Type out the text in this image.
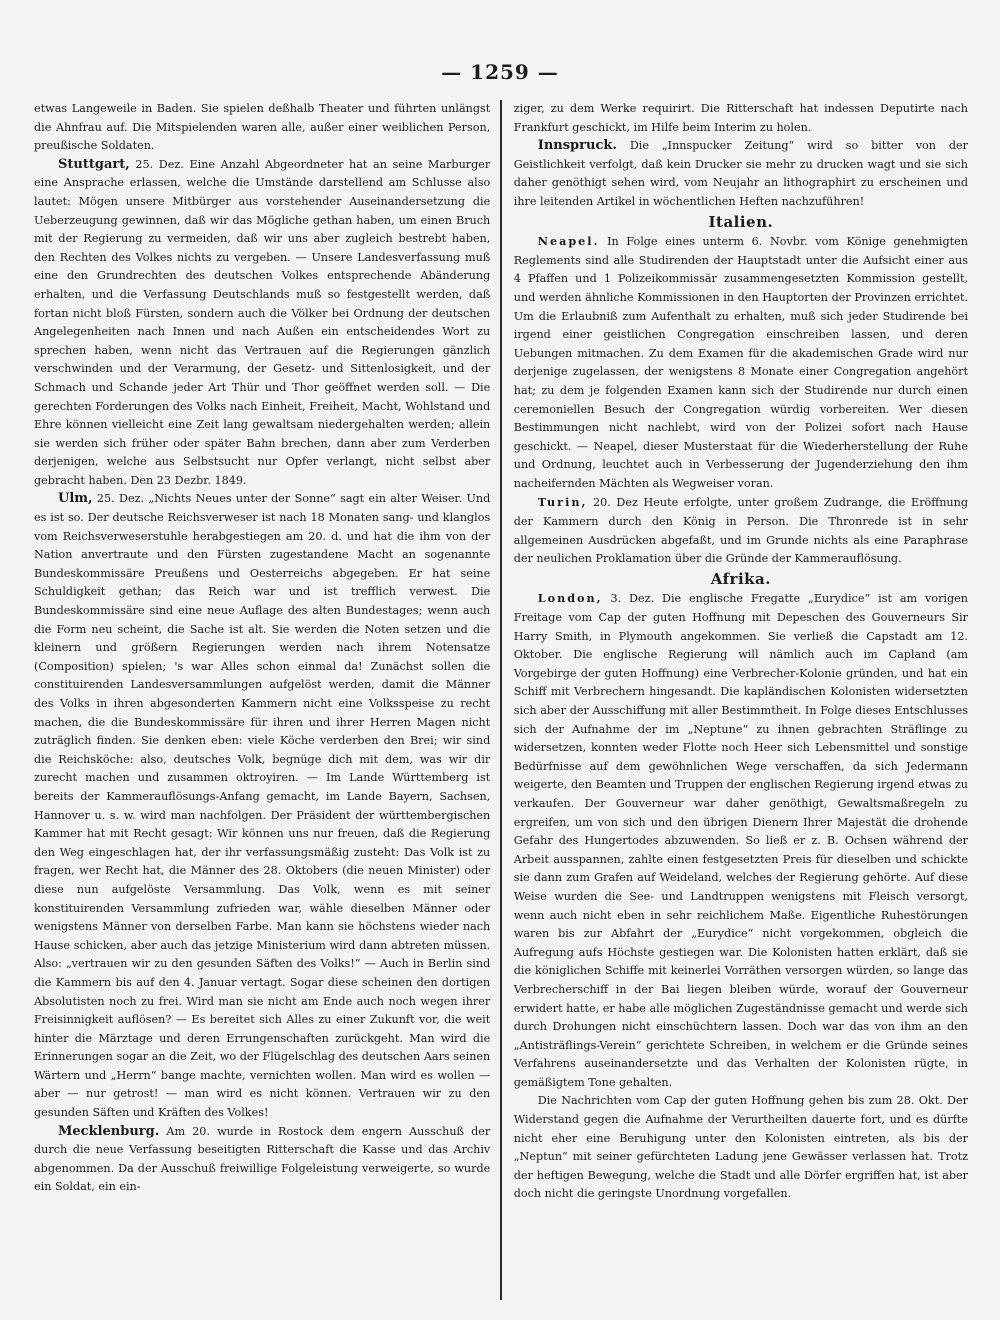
— 1259 —

etwas Langeweile in Baden. Sie spielen deßhalb Theater und führten unlängst die Ahnfrau auf. Die Mitspielenden waren alle, außer einer weiblichen Person, preußische Soldaten.

Stuttgart, 25. Dez. Eine Anzahl Abgeordneter hat an seine Marburger eine Ansprache erlassen, welche die Umstände darstellend am Schlusse also lautet: Mögen unsere Mitbürger aus vorstehender Auseinandersetzung die Ueberzeugung gewinnen, daß wir das Mögliche gethan haben, um einen Bruch mit der Regierung zu vermeiden, daß wir uns aber zugleich bestrebt haben, den Rechten des Volkes nichts zu vergeben. — Unsere Landesverfassung muß eine den Grundrechten des deutschen Volkes entsprechende Abänderung erhalten, und die Verfassung Deutschlands muß so festgestellt werden, daß fortan nicht bloß Fürsten, sondern auch die Völker bei Ordnung der deutschen Angelegenheiten nach Innen und nach Außen ein entscheidendes Wort zu sprechen haben, wenn nicht das Vertrauen auf die Regierungen gänzlich verschwinden und der Verarmung, der Gesetz- und Sittenlosigkeit, und der Schmach und Schande jeder Art Thür und Thor geöffnet werden soll. — Die gerechten Forderungen des Volks nach Einheit, Freiheit, Macht, Wohlstand und Ehre können vielleicht eine Zeit lang gewaltsam niedergehalten werden; allein sie werden sich früher oder später Bahn brechen, dann aber zum Verderben derjenigen, welche aus Selbstsucht nur Opfer verlangt, nicht selbst aber gebracht haben. Den 23 Dezbr. 1849.

Ulm, 25. Dez. „Nichts Neues unter der Sonne“ sagt ein alter Weiser. Und es ist so. Der deutsche Reichsverweser ist nach 18 Monaten sang- und klanglos vom Reichsverweserstuhle herabgestiegen am 20. d. und hat die ihm von der Nation anvertraute und den Fürsten zugestandene Macht an sogenannte Bundeskommissäre Preußens und Oesterreichs abgegeben. Er hat seine Schuldigkeit gethan; das Reich war und ist trefflich verwest. Die Bundeskommissäre sind eine neue Auflage des alten Bundestages; wenn auch die Form neu scheint, die Sache ist alt. Sie werden die Noten setzen und die kleinern und größern Regierungen werden nach ihrem Notensatze (Composition) spielen; 's war Alles schon einmal da! Zunächst sollen die constituirenden Landesversammlungen aufgelöst werden, damit die Männer des Volks in ihren abgesonderten Kammern nicht eine Volksspeise zu recht machen, die die Bundeskommissäre für ihren und ihrer Herren Magen nicht zuträglich finden. Sie denken eben: viele Köche verderben den Brei; wir sind die Reichsköche: also, deutsches Volk, begnüge dich mit dem, was wir dir zurecht machen und zusammen oktroyiren. — Im Lande Württemberg ist bereits der Kammerauflösungs-Anfang gemacht, im Lande Bayern, Sachsen, Hannover u. s. w. wird man nachfolgen. Der Präsident der württembergischen Kammer hat mit Recht gesagt: Wir können uns nur freuen, daß die Regierung den Weg eingeschlagen hat, der ihr verfassungsmäßig zusteht: Das Volk ist zu fragen, wer Recht hat, die Männer des 28. Oktobers (die neuen Minister) oder diese nun aufgelöste Versammlung. Das Volk, wenn es mit seiner konstituirenden Versammlung zufrieden war, wähle dieselben Männer oder wenigstens Männer von derselben Farbe. Man kann sie höchstens wieder nach Hause schicken, aber auch das jetzige Ministerium wird dann abtreten müssen. Also: „vertrauen wir zu den gesunden Säften des Volks!“ — Auch in Berlin sind die Kammern bis auf den 4. Januar vertagt. Sogar diese scheinen den dortigen Absolutisten noch zu frei. Wird man sie nicht am Ende auch noch wegen ihrer Freisinnigkeit auflösen? — Es bereitet sich Alles zu einer Zukunft vor, die weit hinter die Märztage und deren Errungenschaften zurückgeht. Man wird die Erinnerungen sogar an die Zeit, wo der Flügelschlag des deutschen Aars seinen Wärtern und „Herrn“ bange machte, vernichten wollen. Man wird es wollen — aber — nur getrost! — man wird es nicht können. Vertrauen wir zu den gesunden Säften und Kräften des Volkes!

Mecklenburg. Am 20. wurde in Rostock dem engern Ausschuß der durch die neue Verfassung beseitigten Ritterschaft die Kasse und das Archiv abgenommen. Da der Ausschuß freiwillige Folgeleistung verweigerte, so wurde ein Soldat, ein ein-

ziger, zu dem Werke requirirt. Die Ritterschaft hat indessen Deputirte nach Frankfurt geschickt, im Hilfe beim Interim zu holen.

Innspruck. Die „Innspucker Zeitung“ wird so bitter von der Geistlichkeit verfolgt, daß kein Drucker sie mehr zu drucken wagt und sie sich daher genöthigt sehen wird, vom Neujahr an lithographirt zu erscheinen und ihre leitenden Artikel in wöchentlichen Heften nachzuführen!

Italien.

Neapel. In Folge eines unterm 6. Novbr. vom Könige genehmigten Reglements sind alle Studirenden der Hauptstadt unter die Aufsicht einer aus 4 Pfaffen und 1 Polizeikommissär zusammengesetzten Kommission gestellt, und werden ähnliche Kommissionen in den Hauptorten der Provinzen errichtet. Um die Erlaubniß zum Aufenthalt zu erhalten, muß sich jeder Studirende bei irgend einer geistlichen Congregation einschreiben lassen, und deren Uebungen mitmachen. Zu dem Examen für die akademischen Grade wird nur derjenige zugelassen, der wenigstens 8 Monate einer Congregation angehört hat; zu dem je folgenden Examen kann sich der Studirende nur durch einen ceremoniellen Besuch der Congregation würdig vorbereiten. Wer diesen Bestimmungen nicht nachlebt, wird von der Polizei sofort nach Hause geschickt. — Neapel, dieser Musterstaat für die Wiederherstellung der Ruhe und Ordnung, leuchtet auch in Verbesserung der Jugenderziehung den ihm nacheifernden Mächten als Wegweiser voran.

Turin, 20. Dez Heute erfolgte, unter großem Zudrange, die Eröffnung der Kammern durch den König in Person. Die Thronrede ist in sehr allgemeinen Ausdrücken abgefaßt, und im Grunde nichts als eine Paraphrase der neulichen Proklamation über die Gründe der Kammerauflösung.

Afrika.

London, 3. Dez. Die englische Fregatte „Eurydice“ ist am vorigen Freitage vom Cap der guten Hoffnung mit Depeschen des Gouverneurs Sir Harry Smith, in Plymouth angekommen. Sie verließ die Capstadt am 12. Oktober. Die englische Regierung will nämlich auch im Capland (am Vorgebirge der guten Hoffnung) eine Verbrecher-Kolonie gründen, und hat ein Schiff mit Verbrechern hingesandt. Die kapländischen Kolonisten widersetzten sich aber der Ausschiffung mit aller Bestimmtheit. In Folge dieses Entschlusses sich der Aufnahme der im „Neptune“ zu ihnen gebrachten Sträflinge zu widersetzen, konnten weder Flotte noch Heer sich Lebensmittel und sonstige Bedürfnisse auf dem gewöhnlichen Wege verschaffen, da sich Jedermann weigerte, den Beamten und Truppen der englischen Regierung irgend etwas zu verkaufen. Der Gouverneur war daher genöthigt, Gewaltsmaßregeln zu ergreifen, um von sich und den übrigen Dienern Ihrer Majestät die drohende Gefahr des Hungertodes abzuwenden. So ließ er z. B. Ochsen während der Arbeit ausspannen, zahlte einen festgesetzten Preis für dieselben und schickte sie dann zum Grafen auf Weideland, welches der Regierung gehörte. Auf diese Weise wurden die See- und Landtruppen wenigstens mit Fleisch versorgt, wenn auch nicht eben in sehr reichlichem Maße. Eigentliche Ruhestörungen waren bis zur Abfahrt der „Eurydice“ nicht vorgekommen, obgleich die Aufregung aufs Höchste gestiegen war. Die Kolonisten hatten erklärt, daß sie die königlichen Schiffe mit keinerlei Vorräthen versorgen würden, so lange das Verbrecherschiff in der Bai liegen bleiben würde, worauf der Gouverneur erwidert hatte, er habe alle möglichen Zugeständnisse gemacht und werde sich durch Drohungen nicht einschüchtern lassen. Doch war das von ihm an den „Antisträflings-Verein“ gerichtete Schreiben, in welchem er die Gründe seines Verfahrens auseinandersetzte und das Verhalten der Kolonisten rügte, in gemäßigtem Tone gehalten.

Die Nachrichten vom Cap der guten Hoffnung gehen bis zum 28. Okt. Der Widerstand gegen die Aufnahme der Verurtheilten dauerte fort, und es dürfte nicht eher eine Beruhigung unter den Kolonisten eintreten, als bis der „Neptun“ mit seiner gefürchteten Ladung jene Gewässer verlassen hat. Trotz der heftigen Bewegung, welche die Stadt und alle Dörfer ergriffen hat, ist aber doch nicht die geringste Unordnung vorgefallen.
